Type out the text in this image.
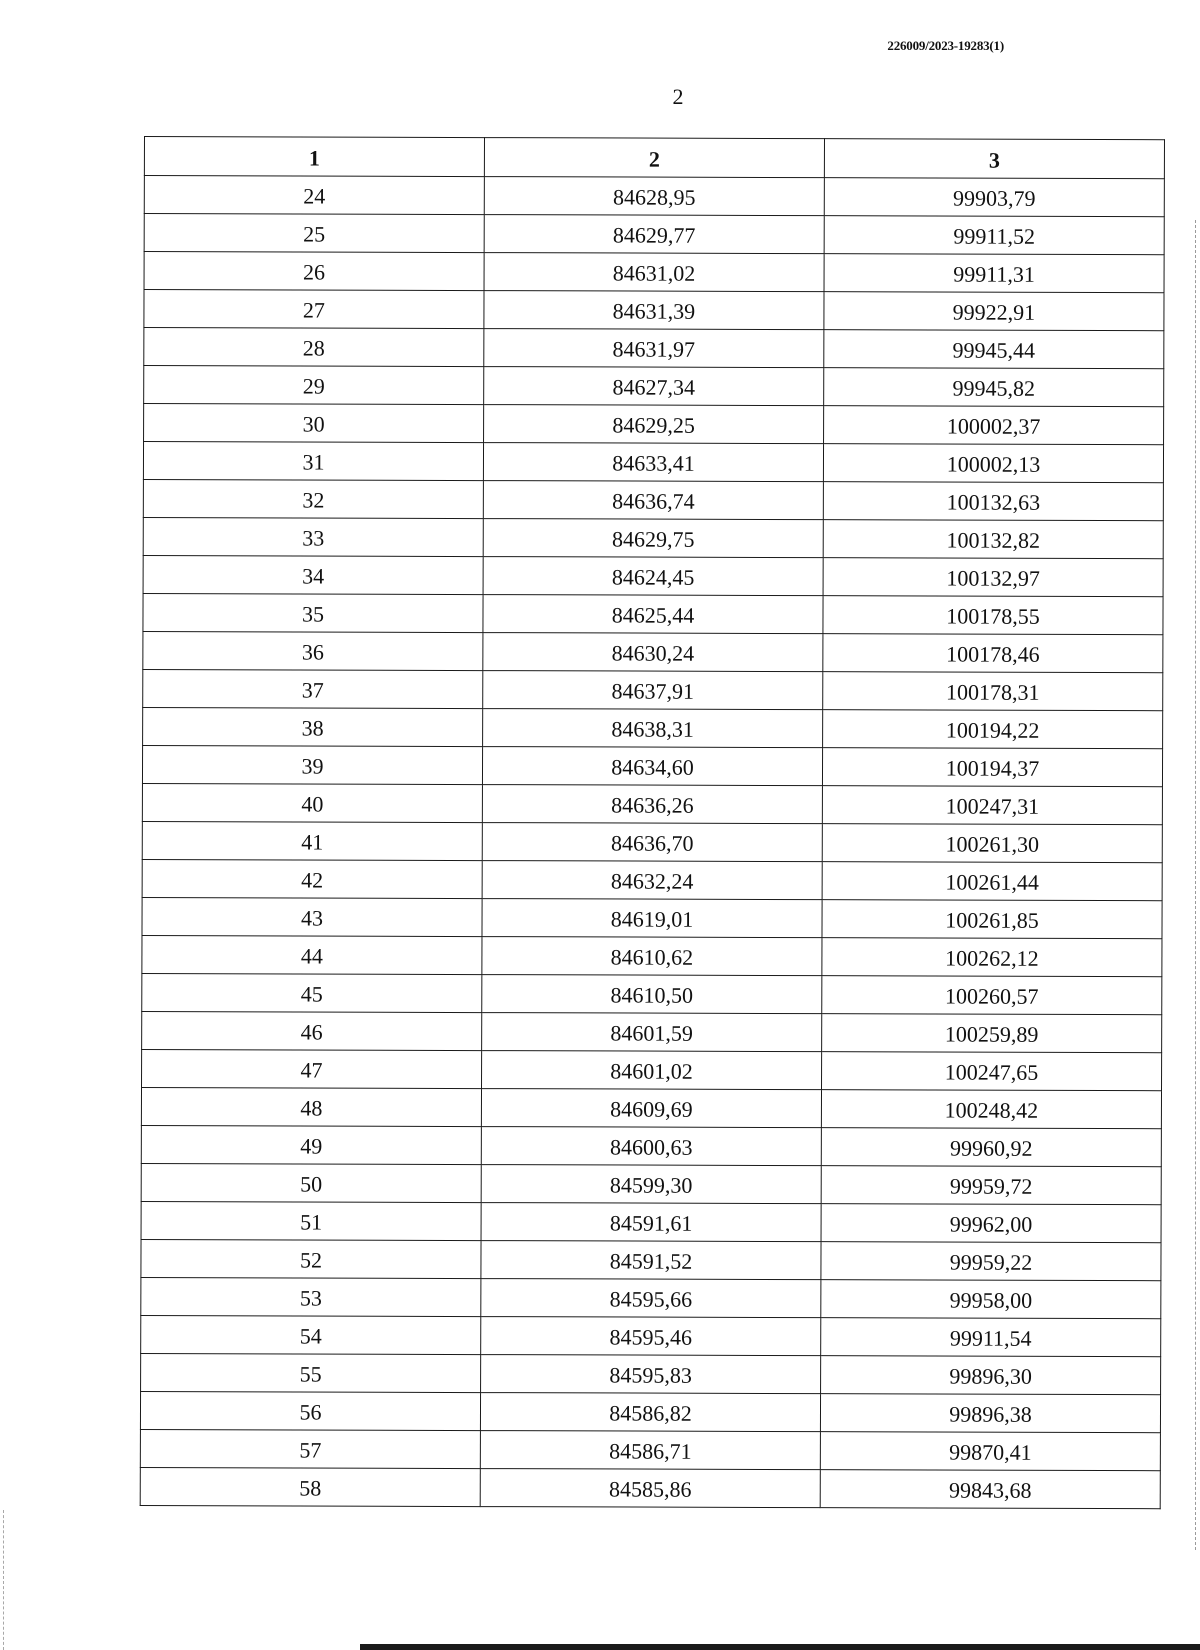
226009/2023-19283(1)
2
1	2	3
24	84628,95	99903,79
25	84629,77	99911,52
26	84631,02	99911,31
27	84631,39	99922,91
28	84631,97	99945,44
29	84627,34	99945,82
30	84629,25	100002,37
31	84633,41	100002,13
32	84636,74	100132,63
33	84629,75	100132,82
34	84624,45	100132,97
35	84625,44	100178,55
36	84630,24	100178,46
37	84637,91	100178,31
38	84638,31	100194,22
39	84634,60	100194,37
40	84636,26	100247,31
41	84636,70	100261,30
42	84632,24	100261,44
43	84619,01	100261,85
44	84610,62	100262,12
45	84610,50	100260,57
46	84601,59	100259,89
47	84601,02	100247,65
48	84609,69	100248,42
49	84600,63	99960,92
50	84599,30	99959,72
51	84591,61	99962,00
52	84591,52	99959,22
53	84595,66	99958,00
54	84595,46	99911,54
55	84595,83	99896,30
56	84586,82	99896,38
57	84586,71	99870,41
58	84585,86	99843,68
